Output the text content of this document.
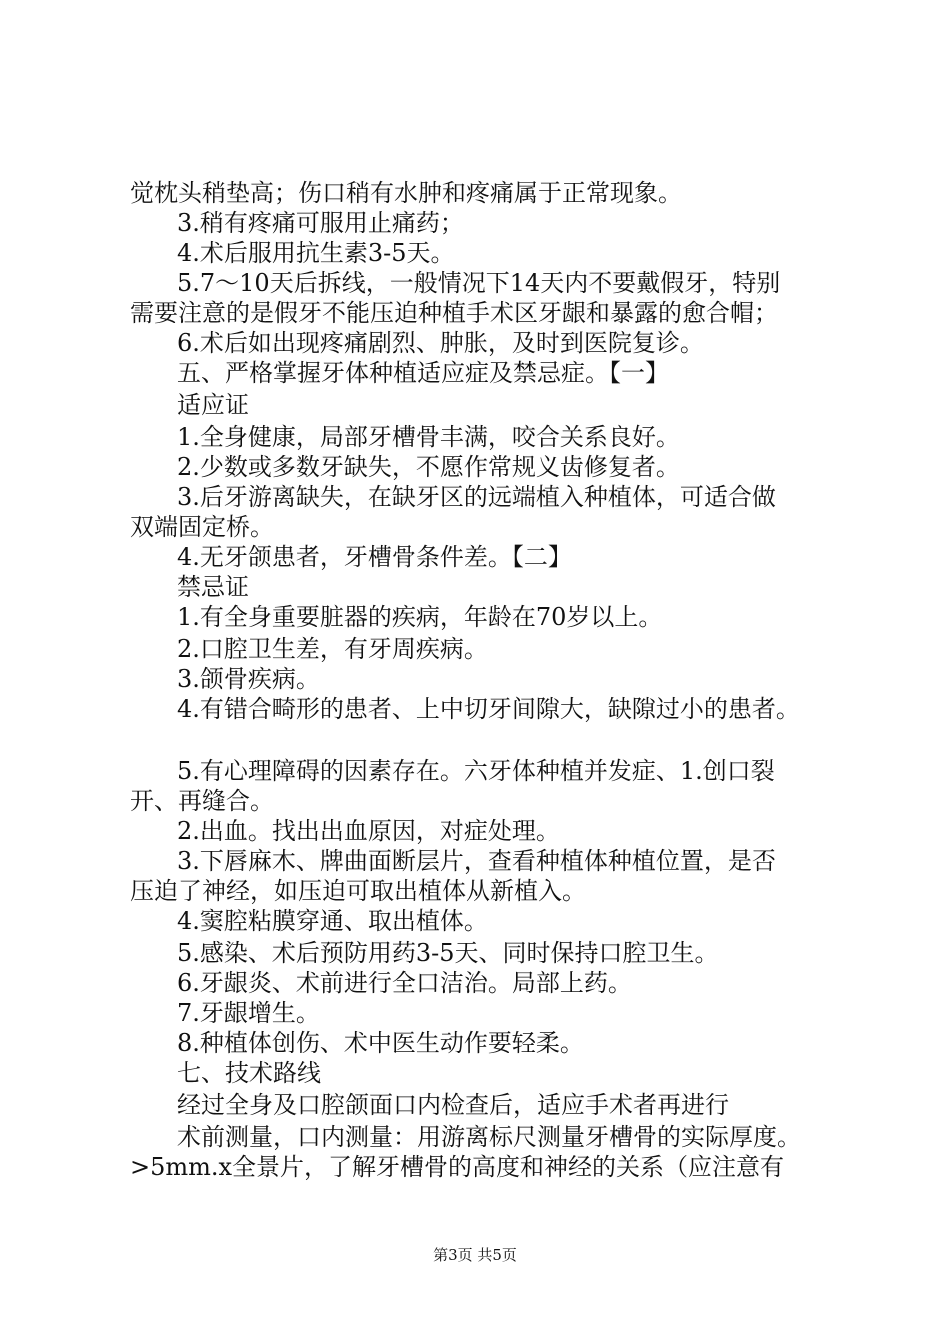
觉枕头稍垫高；伤口稍有水肿和疼痛属于正常现象。
3.稍有疼痛可服用止痛药；
4.术后服用抗生素3-5天。
5.7～10天后拆线，一般情况下14天内不要戴假牙，特别
需要注意的是假牙不能压迫种植手术区牙龈和暴露的愈合帽；
6.术后如出现疼痛剧烈、肿胀，及时到医院复诊。
五、严格掌握牙体种植适应症及禁忌症。【一】
适应证
1.全身健康，局部牙槽骨丰满，咬合关系良好。
2.少数或多数牙缺失，不愿作常规义齿修复者。
3.后牙游离缺失，在缺牙区的远端植入种植体，可适合做
双端固定桥。
4.无牙颌患者，牙槽骨条件差。【二】
禁忌证
1.有全身重要脏器的疾病，年龄在70岁以上。
2.口腔卫生差，有牙周疾病。
3.颌骨疾病。
4.有错合畸形的患者、上中切牙间隙大，缺隙过小的患者。
5.有心理障碍的因素存在。六牙体种植并发症、1.创口裂
开、再缝合。
2.出血。找出出血原因，对症处理。
3.下唇麻木、牌曲面断层片，查看种植体种植位置，是否
压迫了神经，如压迫可取出植体从新植入。
4.窦腔粘膜穿通、取出植体。
5.感染、术后预防用药3-5天、同时保持口腔卫生。
6.牙龈炎、术前进行全口洁治。局部上药。
7.牙龈增生。
8.种植体创伤、术中医生动作要轻柔。
七、技术路线
经过全身及口腔颌面口内检查后，适应手术者再进行
术前测量，口内测量：用游离标尺测量牙槽骨的实际厚度。
>5mm.x全景片，了解牙槽骨的高度和神经的关系（应注意有
第3页 共5页
